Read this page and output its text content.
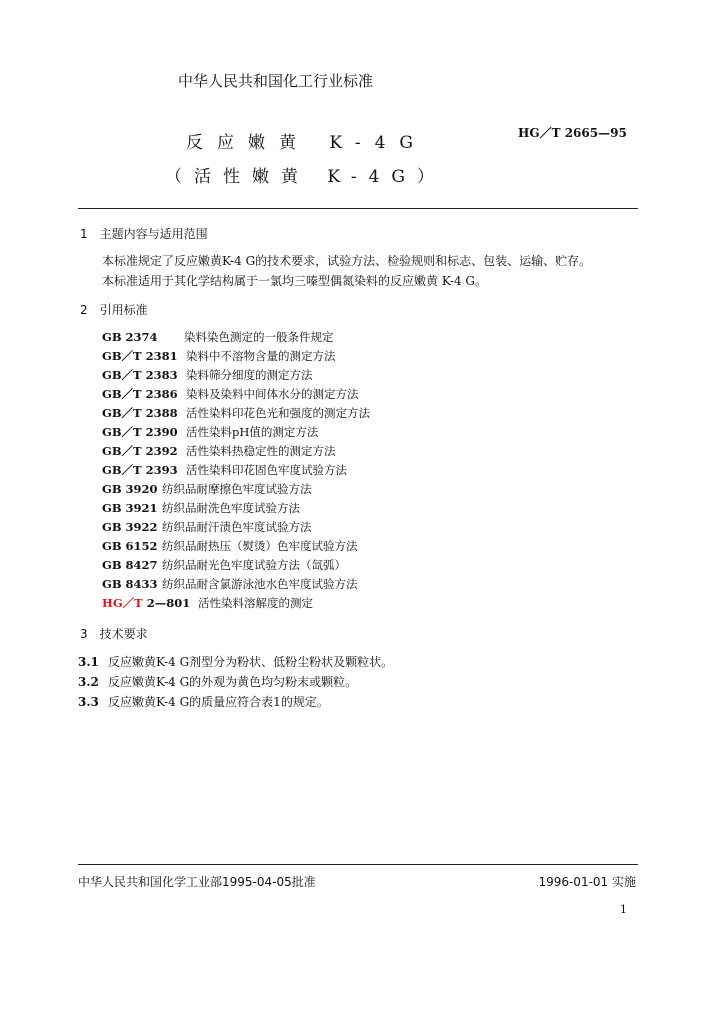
中华人民共和国化工行业标准
反应嫩黄 K-4G
（活性嫩黄 K-4G）
HG／T 2665—95
1　主题内容与适用范围
本标准规定了反应嫩黄K-4 G的技术要求，试验方法、检验规则和标志、包装、运输、贮存。
本标准适用于其化学结构属于一氯均三嗪型偶氮染料的反应嫩黄 K-4 G。
2　引用标准
GB 2374 染料染色测定的一般条件规定
GB／T 2381 染料中不溶物含量的测定方法
GB／T 2383 染料筛分细度的测定方法
GB／T 2386 染料及染料中间体水分的测定方法
GB／T 2388 活性染料印花色光和强度的测定方法
GB／T 2390 活性染料pH值的测定方法
GB／T 2392 活性染料热稳定性的测定方法
GB／T 2393 活性染料印花固色牢度试验方法
GB 3920 纺织品耐摩擦色牢度试验方法
GB 3921 纺织品耐洗色牢度试验方法
GB 3922 纺织品耐汗渍色牢度试验方法
GB 6152 纺织品耐热压（熨烫）色牢度试验方法
GB 8427 纺织品耐光色牢度试验方法（氙弧）
GB 8433 纺织品耐含氯游泳池水色牢度试验方法
HG／T 2—801 活性染料溶解度的测定
3　技术要求
3.1 反应嫩黄K-4 G剂型分为粉状、低粉尘粉状及颗粒状。
3.2 反应嫩黄K-4 G的外观为黄色均匀粉末或颗粒。
3.3 反应嫩黄K-4 G的质量应符合表1的规定。
中华人民共和国化学工业部1995-04-05批准	1996-01-01 实施
1
